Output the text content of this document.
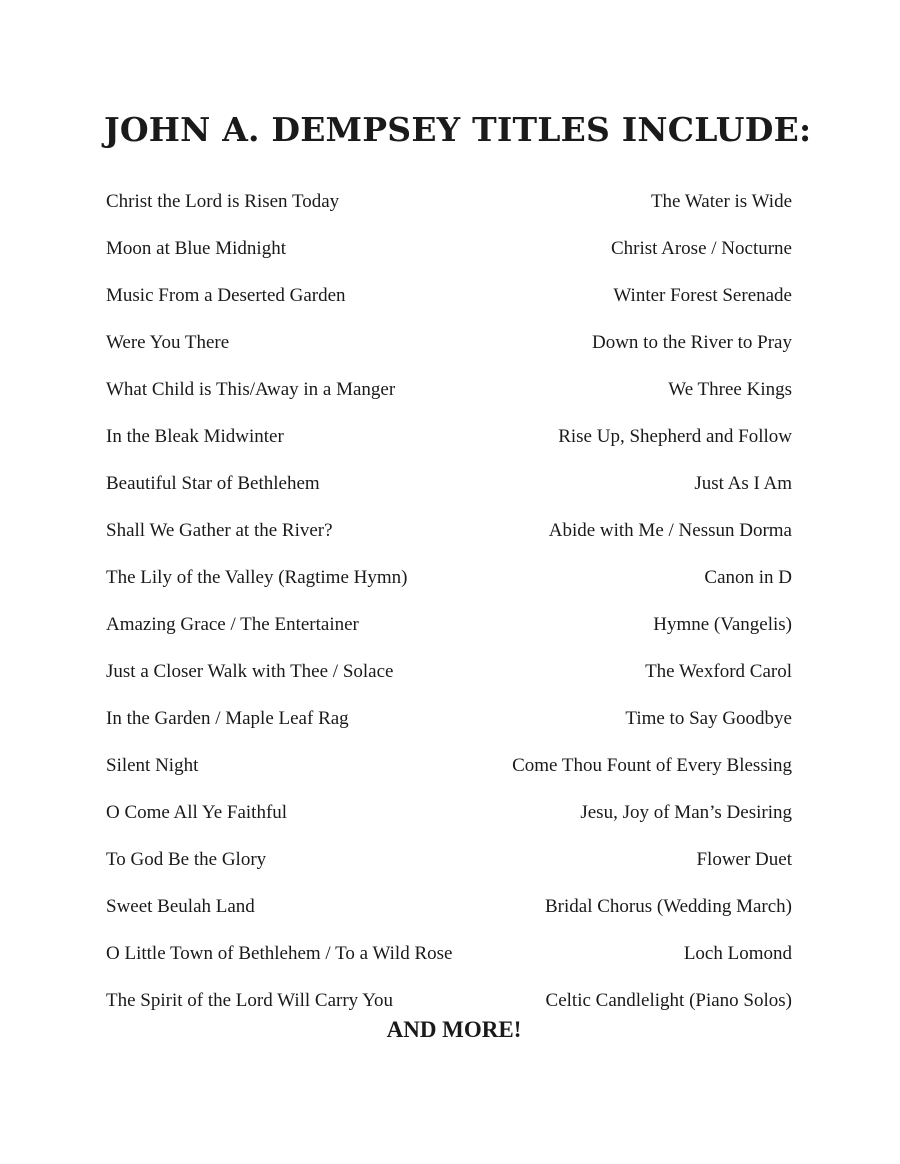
JOHN A. DEMPSEY TITLES INCLUDE:
Christ the Lord is Risen Today	The Water is Wide
Moon at Blue Midnight	Christ Arose / Nocturne
Music From a Deserted Garden	Winter Forest Serenade
Were You There	Down to the River to Pray
What Child is This/Away in a Manger	We Three Kings
In the Bleak Midwinter	Rise Up, Shepherd and Follow
Beautiful Star of Bethlehem	Just As I Am
Shall We Gather at the River?	Abide with Me / Nessun Dorma
The Lily of the Valley (Ragtime Hymn)	Canon in D
Amazing Grace / The Entertainer	Hymne (Vangelis)
Just a Closer Walk with Thee / Solace	The Wexford Carol
In the Garden / Maple Leaf Rag	Time to Say Goodbye
Silent Night	Come Thou Fount of Every Blessing
O Come All Ye Faithful	Jesu, Joy of Man’s Desiring
To God Be the Glory	Flower Duet
Sweet Beulah Land	Bridal Chorus (Wedding March)
O Little Town of Bethlehem / To a Wild Rose	Loch Lomond
The Spirit of the Lord Will Carry You	Celtic Candlelight (Piano Solos)

AND MORE!
